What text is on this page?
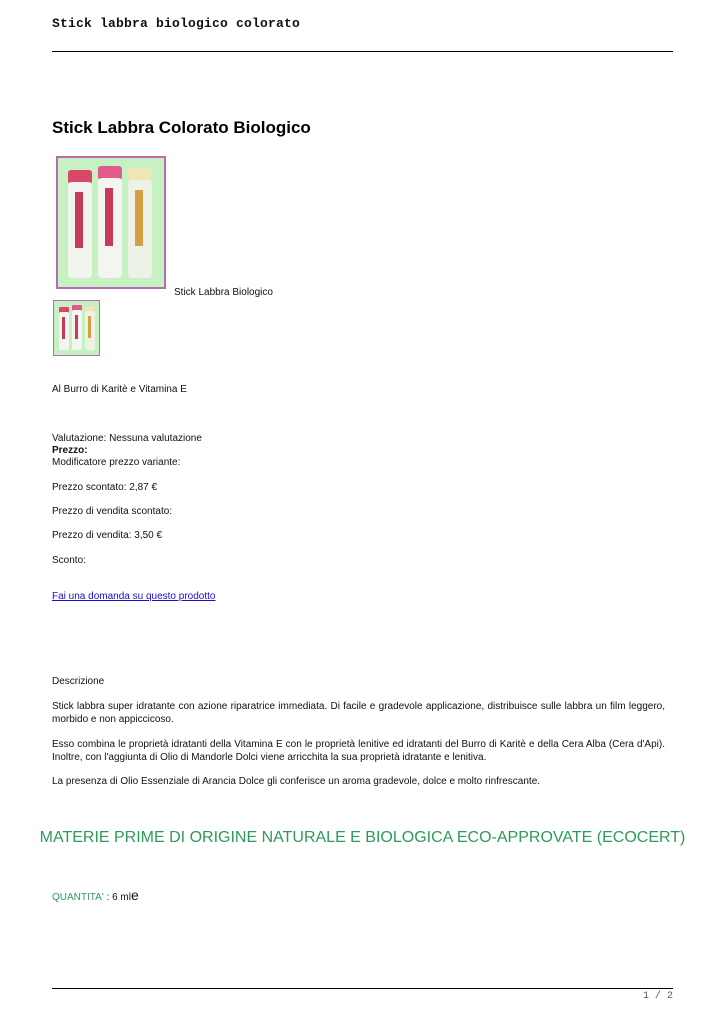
Stick labbra biologico colorato
Stick Labbra Colorato Biologico
Stick Labbra Biologico
Al Burro di Karitè e Vitamina E
Valutazione: Nessuna valutazione
Prezzo:
Modificatore prezzo variante:
Prezzo scontato: 2,87 €
Prezzo di vendita scontato:
Prezzo di vendita: 3,50 €
Sconto:
Fai una domanda su questo prodotto
Descrizione
Stick labbra super idratante con azione riparatrice immediata. Di facile e gradevole applicazione, distribuisce sulle labbra un film leggero, morbido e non appiccicoso.
Esso combina le proprietà idratanti della Vitamina E con le proprietà lenitive ed idratanti del Burro di Karitè e della Cera Alba (Cera d'Api). Inoltre, con l'aggiunta di Olio di Mandorle Dolci viene arricchita la sua proprietà idratante e lenitiva.
La presenza di Olio Essenziale di Arancia Dolce gli conferisce un aroma gradevole, dolce e molto rinfrescante.
MATERIE PRIME DI ORIGINE NATURALE E BIOLOGICA ECO-APPROVATE (ECOCERT)
QUANTITA' : 6 mle
1 / 2
